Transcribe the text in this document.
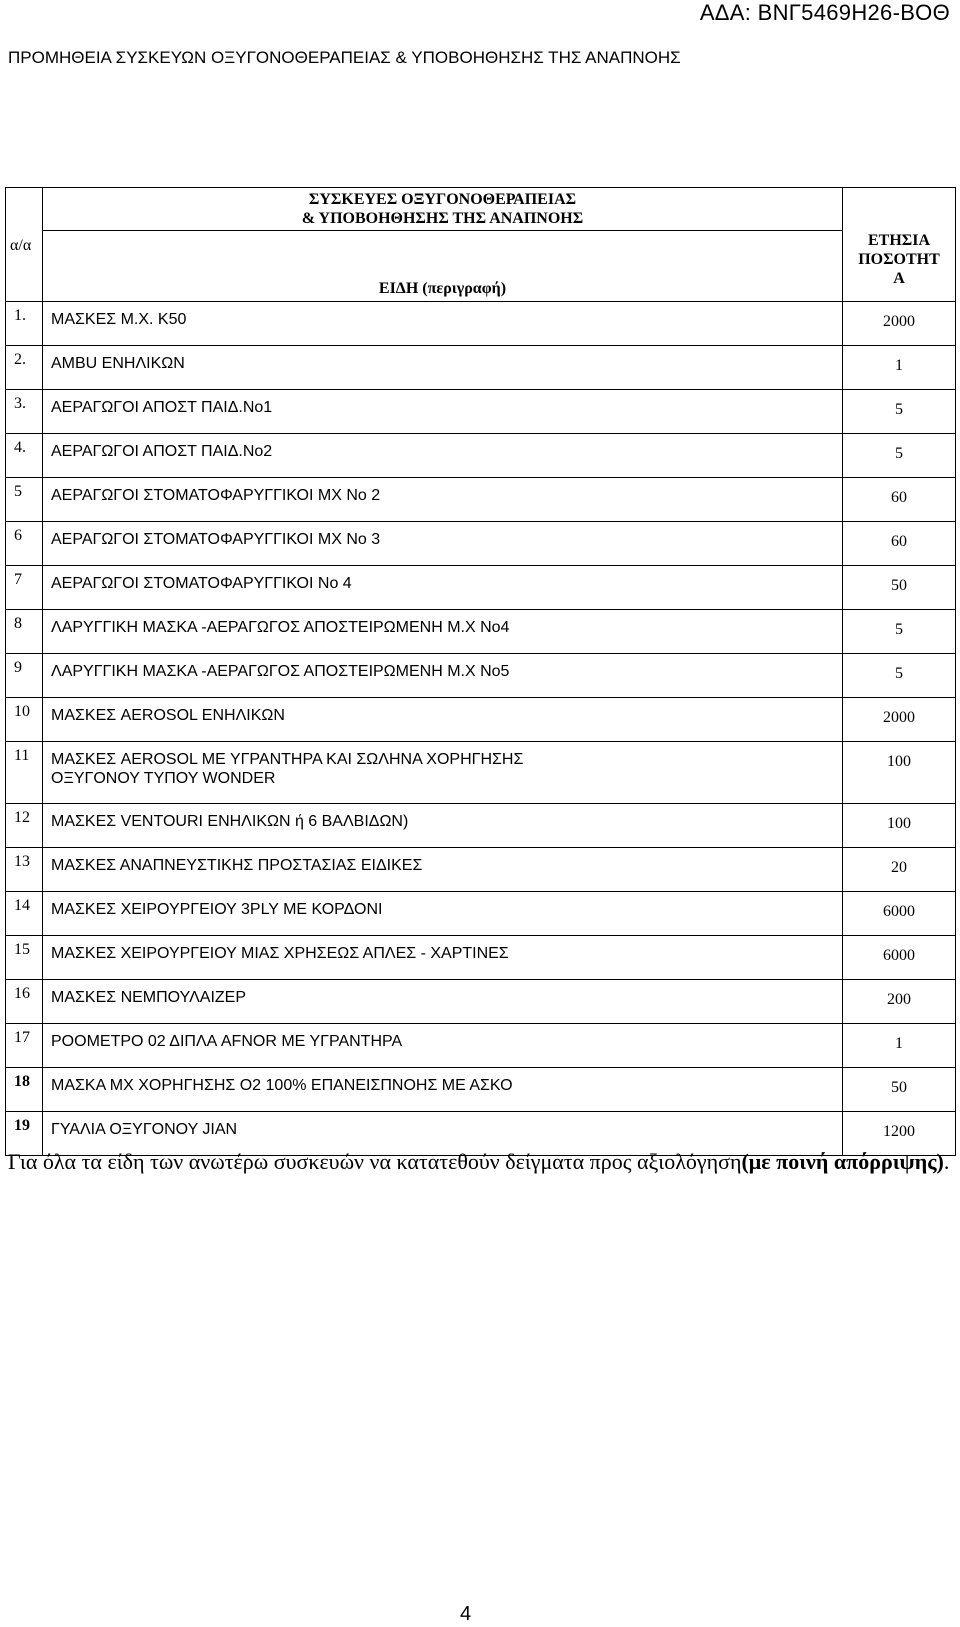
ΑΔΑ: ΒΝΓ5469Η26-ΒΟΘ
ΠΡΟΜΗΘΕΙΑ ΣΥΣΚΕΥΩΝ ΟΞΥΓΟΝΟΘΕΡΑΠΕΙΑΣ & ΥΠΟΒΟΗΘΗΣΗΣ ΤΗΣ ΑΝΑΠΝΟΗΣ
α/α	ΣΥΣΚΕΥΕΣ ΟΞΥΓΟΝΟΘΕΡΑΠΕΙΑΣ
& ΥΠΟΒΟΗΘΗΣΗΣ ΤΗΣ ΑΝΑΠΝΟΗΣ	

	ΕΙΔΗ (περιγραφή)	ΕΤΗΣΙΑ
ΠΟΣΟΤΗΤ
Α

1.	ΜΑΣΚΕΣ Μ.Χ. Κ50	2000
2.	AMBU ΕΝΗΛΙΚΩΝ	1
3.	ΑΕΡΑΓΩΓΟΙ ΑΠΟΣΤ ΠΑΙΔ.Νο1	5
4.	ΑΕΡΑΓΩΓΟΙ ΑΠΟΣΤ ΠΑΙΔ.Νο2	5
5	ΑΕΡΑΓΩΓΟΙ ΣΤΟΜΑΤΟΦΑΡΥΓΓΙΚΟΙ ΜΧ Νο 2	60
6	ΑΕΡΑΓΩΓΟΙ ΣΤΟΜΑΤΟΦΑΡΥΓΓΙΚΟΙ ΜΧ Νο 3	60
7	ΑΕΡΑΓΩΓΟΙ ΣΤΟΜΑΤΟΦΑΡΥΓΓΙΚΟΙ Νο 4	50
8	ΛΑΡΥΓΓΙΚΗ ΜΑΣΚΑ -ΑΕΡΑΓΩΓΟΣ ΑΠΟΣΤΕΙΡΩΜΕΝΗ Μ.Χ Νο4	5
9	ΛΑΡΥΓΓΙΚΗ ΜΑΣΚΑ -ΑΕΡΑΓΩΓΟΣ ΑΠΟΣΤΕΙΡΩΜΕΝΗ Μ.Χ Νο5	5
10	ΜΑΣΚΕΣ AEROSOL ΕΝΗΛΙΚΩΝ	2000
11	ΜΑΣΚΕΣ AEROSOL ΜΕ ΥΓΡΑΝΤΗΡΑ ΚΑΙ ΣΩΛΗΝΑ ΧΟΡΗΓΗΣΗΣ
ΟΞΥΓΟΝΟΥ ΤΥΠΟΥ WONDER	100
12	ΜΑΣΚΕΣ VENTOURI ΕΝΗΛΙΚΩΝ ή 6 ΒΑΛΒΙΔΩΝ)	100
13	ΜΑΣΚΕΣ ΑΝΑΠΝΕΥΣΤΙΚΗΣ ΠΡΟΣΤΑΣΙΑΣ ΕΙΔΙΚΕΣ	20
14	ΜΑΣΚΕΣ ΧΕΙΡΟΥΡΓΕΙΟΥ 3PLY ΜΕ ΚΟΡΔΟΝΙ	6000
15	ΜΑΣΚΕΣ ΧΕΙΡΟΥΡΓΕΙΟΥ ΜΙΑΣ ΧΡΗΣΕΩΣ ΑΠΛΕΣ - ΧΑΡΤΙΝΕΣ	6000
16	ΜΑΣΚΕΣ ΝΕΜΠΟΥΛΑΙΖΕΡ	200
17	ΡΟΟΜΕΤΡΟ 02 ΔΙΠΛΑ AFNOR ΜΕ ΥΓΡΑΝΤΗΡΑ	1
18	ΜΑΣΚΑ ΜΧ ΧΟΡΗΓΗΣΗΣ Ο2 100% ΕΠΑΝΕΙΣΠΝΟΗΣ ΜΕ ΑΣΚΟ	50
19	ΓΥΑΛΙΑ ΟΞΥΓΟΝΟΥ JIAN	1200
Για όλα τα είδη των ανωτέρω συσκευών να κατατεθούν δείγματα προς αξιολόγηση(με ποινή απόρριψης).
4
